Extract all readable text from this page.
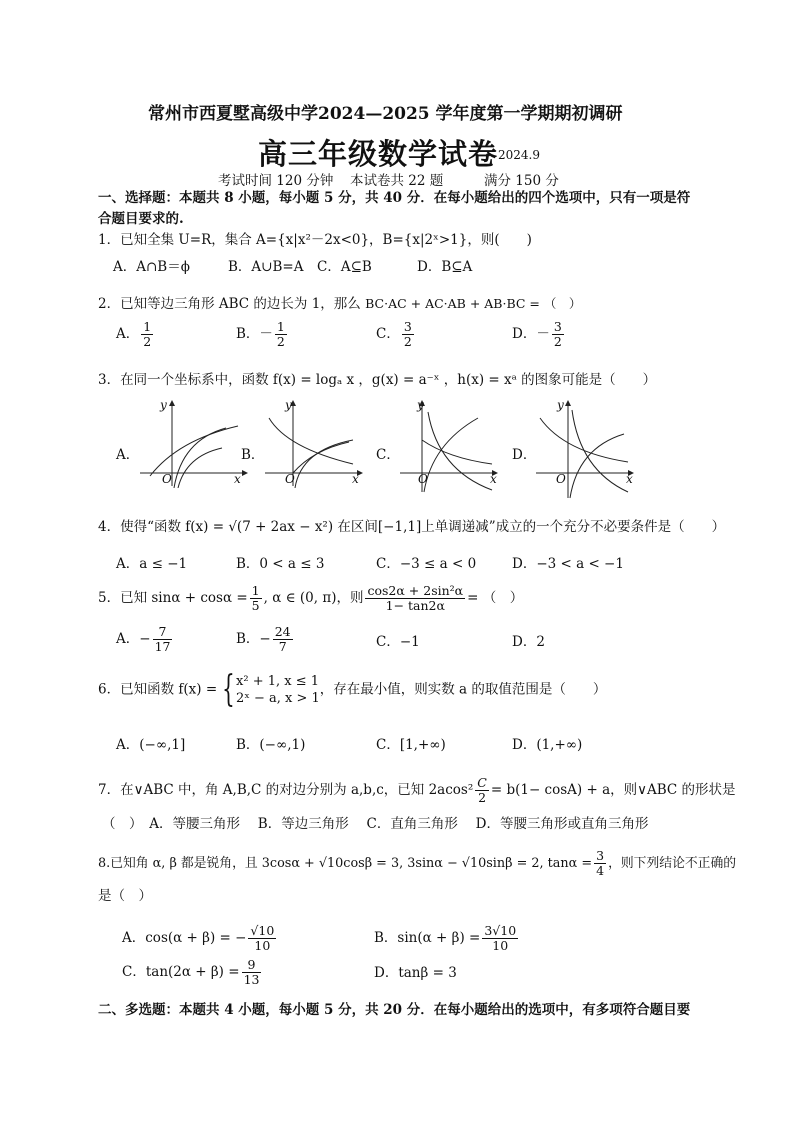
常州市西夏墅高级中学2024—2025 学年度第一学期期初调研
高三年级数学试卷 2024.9
考试时间 120 分钟 本试卷共 22 题	满分 150 分
一、选择题：本题共 8 小题，每小题 5 分，共 40 分．在每小题给出的四个选项中，只有一项是符
合题目要求的.
1．已知全集 U=R，集合 A={x|x²－2x<0}，B={x|2ˣ>1}，则(　　)
A．A∩B＝ϕ	B．A∪B=A C．A⊆B	D．B⊆A
2．已知等边三角形 ABC 的边长为 1，那么 BC·AC + AC·AB + AB·BC = （　）
A． $\frac{1}{2}$	B．－ $\frac{1}{2}$	C． $\frac{3}{2}$	D．－ $\frac{3}{2}$
3．在同一个坐标系中，函数 f(x) = logₐ x ，g(x) = a⁻ˣ ，h(x) = xᵃ 的图象可能是（　　）
A．
y
O	x
B．
y
O	x
C．
y
O	x
D．
y
O	x
4．使得“函数 f(x) = √(7 + 2ax − x²) 在区间[−1,1]上单调递减”成立的一个充分不必要条件是（　　）
A．a ≤ −1	B．0 < a ≤ 3	C．−3 ≤ a < 0	D．−3 < a < −1
5．已知 $\sin\alpha + \cos\alpha = \frac{1}{5}$ , α ∈ (0, π)，则 $\frac{\text{cos2α + 2sin²α}}{1- \tan 2\alpha}$ = （　）
A．− $\frac{7}{17}$	B．− $\frac{24}{7}$	C．−1	D．2
6．已知函数 f(x) = { x² + 1, x ≤ 1
2ˣ − a, x > 1
，存在最小值，则实数 a 的取值范围是（　　）
A．(−∞,1]	B．(−∞,1)	C．[1,+∞)	D．(1,+∞)
7．在∨ABC 中，角 A,B,C 的对边分别为 a,b,c，已知 $2acos^2 \frac{C}{2} = b(1- \cos A) + a$，则∨ABC 的形状是
（　）　A．等腰三角形　 B．等边三角形　 C．直角三角形　 D．等腰三角形或直角三角形
8.已知角 α, β 都是锐角，且 3cosα + √10cosβ = 3, 3sinα − √10sinβ = 2, $\tan\alpha = \frac{3}{4}$ ，则下列结论不正确的
是（　）
A．cos(α + β) = − $\frac{√10}{10}$	B．$\sin(\alpha + \beta) = \frac{3√10}{10}$
C．$\tan(2\alpha + \beta) = \frac{9}{13}$	D．tanβ = 3
二、多选题：本题共 4 小题，每小题 5 分，共 20 分．在每小题给出的选项中，有多项符合题目要
